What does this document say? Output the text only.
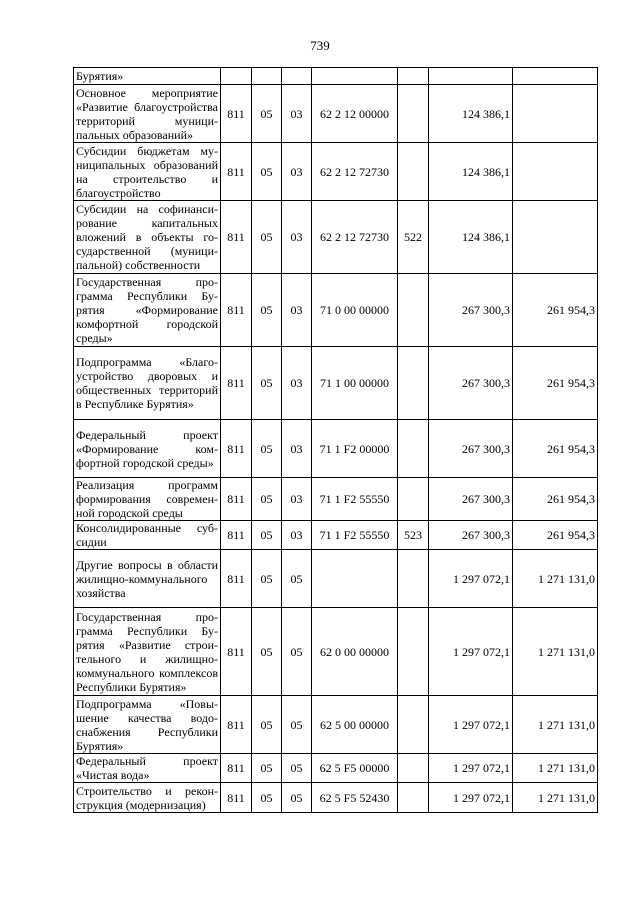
739
Бурятия»							
Основное мероприятие «Развитие благоустройства территорий муниципальных образований»	811	05	03	62 2 12 00000		124 386,1	
Субсидии бюджетам муниципальных образований на строительство и благоустройство	811	05	03	62 2 12 72730		124 386,1	
Субсидии на софинансирование капитальных вложений в объекты государственной (муниципальной) собственности	811	05	03	62 2 12 72730	522	124 386,1	
Государственная программа Республики Бурятия «Формирование комфортной городской среды»	811	05	03	71 0 00 00000		267 300,3	261 954,3
Подпрограмма «Благоустройство дворовых и общественных территорий в Республике Бурятия»	811	05	03	71 1 00 00000		267 300,3	261 954,3
Федеральный проект «Формирование комфортной городской среды»	811	05	03	71 1 F2 00000		267 300,3	261 954,3
Реализация программ формирования современной городской среды	811	05	03	71 1 F2 55550		267 300,3	261 954,3
Консолидированные субсидии	811	05	03	71 1 F2 55550	523	267 300,3	261 954,3
Другие вопросы в области жилищно-коммунального хозяйства	811	05	05			1 297 072,1	1 271 131,0
Государственная программа Республики Бурятия «Развитие строительного и жилищно-коммунального комплексов Республики Бурятия»	811	05	05	62 0 00 00000		1 297 072,1	1 271 131,0
Подпрограмма «Повышение качества водоснабжения Республики Бурятия»	811	05	05	62 5 00 00000		1 297 072,1	1 271 131,0
Федеральный проект «Чистая вода»	811	05	05	62 5 F5 00000		1 297 072,1	1 271 131,0
Строительство и реконструкция (модернизация)	811	05	05	62 5 F5 52430		1 297 072,1	1 271 131,0
